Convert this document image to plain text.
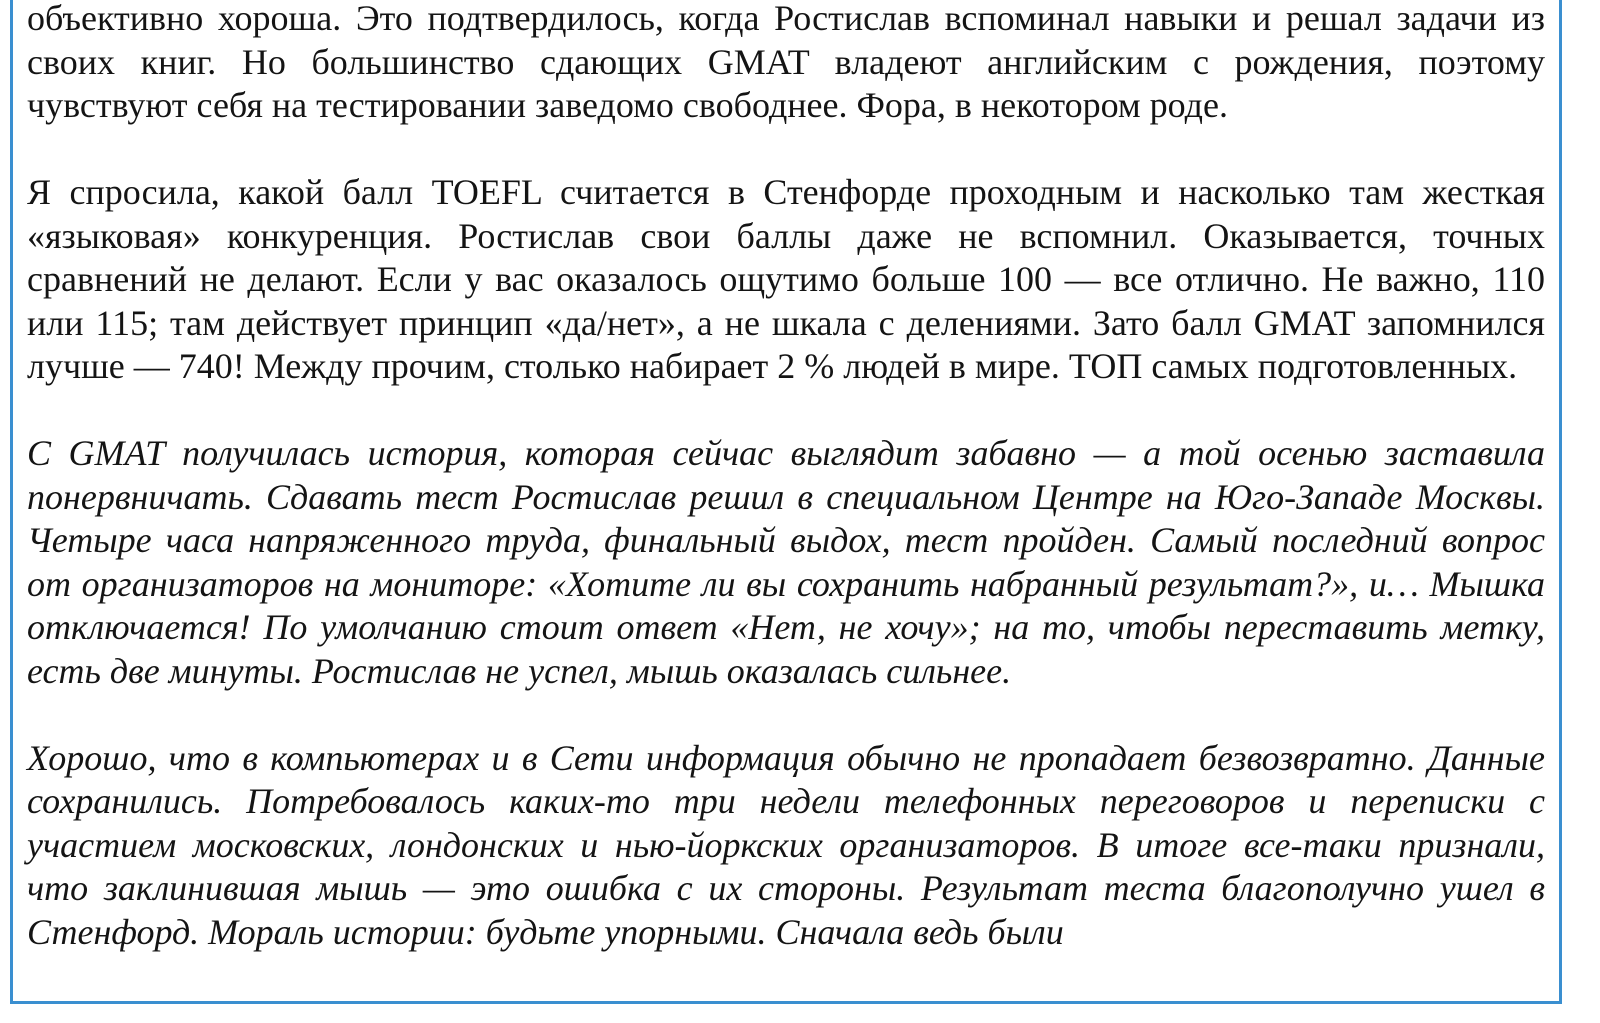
объективно хороша. Это подтвердилось, когда Ростислав вспоминал навыки и решал задачи из своих книг. Но большинство сдающих GMAT владеют английским с рождения, поэтому чувствуют себя на тестировании заведомо свободнее. Фора, в некотором роде.

Я спросила, какой балл TOEFL считается в Стенфорде проходным и насколько там жесткая «языковая» конкуренция. Ростислав свои баллы даже не вспомнил. Оказывается, точных сравнений не делают. Если у вас оказалось ощутимо больше 100 — все отлично. Не важно, 110 или 115; там действует принцип «да/нет», а не шкала с делениями. Зато балл GMAT запомнился лучше — 740! Между прочим, столько набирает 2 % людей в мире. ТОП самых подготовленных.

С GMAT получилась история, которая сейчас выглядит забавно — а той осенью заставила понервничать. Сдавать тест Ростислав решил в специальном Центре на Юго-Западе Москвы. Четыре часа напряженного труда, финальный выдох, тест пройден. Самый последний вопрос от организаторов на мониторе: «Хотите ли вы сохранить набранный результат?», и… Мышка отключается! По умолчанию стоит ответ «Нет, не хочу»; на то, чтобы переставить метку, есть две минуты. Ростислав не успел, мышь оказалась сильнее.

Хорошо, что в компьютерах и в Сети информация обычно не пропадает безвозвратно. Данные сохранились. Потребовалось каких-то три недели телефонных переговоров и переписки с участием московских, лондонских и нью-йоркских организаторов. В итоге все-таки признали, что заклинившая мышь — это ошибка с их стороны. Результат теста благополучно ушел в Стенфорд. Мораль истории: будьте упорными. Сначала ведь были
